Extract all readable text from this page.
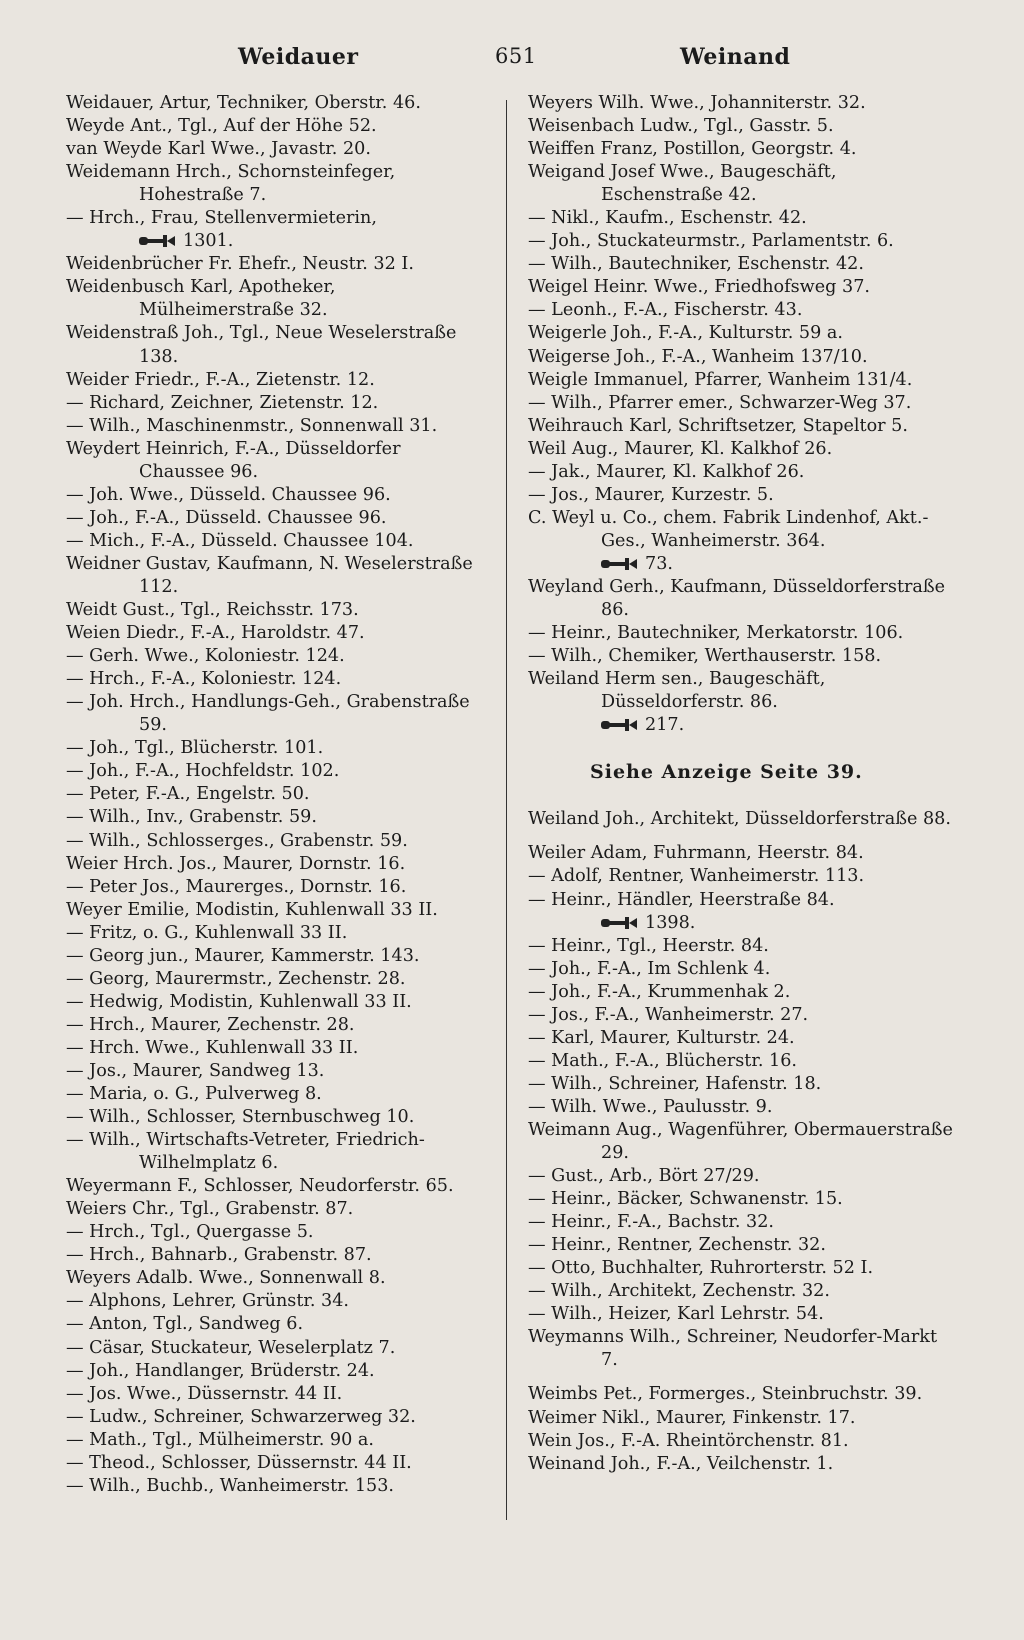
Weidauer	651	Weinand

Weidauer, Artur, Techniker, Oberstr. 46.

Weyde Ant., Tgl., Auf der Höhe 52.

van Weyde Karl Wwe., Javastr. 20.

Weidemann Hrch., Schornsteinfeger, Hohestraße 7.

— Hrch., Frau, Stellenvermieterin,

1301.

Weidenbrücher Fr. Ehefr., Neustr. 32 I.

Weidenbusch Karl, Apotheker, Mülheimerstraße 32.

Weidenstraß Joh., Tgl., Neue Weselerstraße 138.

Weider Friedr., F.-A., Zietenstr. 12.

— Richard, Zeichner, Zietenstr. 12.

— Wilh., Maschinenmstr., Sonnenwall 31.

Weydert Heinrich, F.-A., Düsseldorfer Chaussee 96.

— Joh. Wwe., Düsseld. Chaussee 96.

— Joh., F.-A., Düsseld. Chaussee 96.

— Mich., F.-A., Düsseld. Chaussee 104.

Weidner Gustav, Kaufmann, N. Weselerstraße 112.

Weidt Gust., Tgl., Reichsstr. 173.

Weien Diedr., F.-A., Haroldstr. 47.

— Gerh. Wwe., Koloniestr. 124.

— Hrch., F.-A., Koloniestr. 124.

— Joh. Hrch., Handlungs-Geh., Grabenstraße 59.

— Joh., Tgl., Blücherstr. 101.

— Joh., F.-A., Hochfeldstr. 102.

— Peter, F.-A., Engelstr. 50.

— Wilh., Inv., Grabenstr. 59.

— Wilh., Schlosserges., Grabenstr. 59.

Weier Hrch. Jos., Maurer, Dornstr. 16.

— Peter Jos., Maurerges., Dornstr. 16.

Weyer Emilie, Modistin, Kuhlenwall 33 II.

— Fritz, o. G., Kuhlenwall 33 II.

— Georg jun., Maurer, Kammerstr. 143.

— Georg, Maurermstr., Zechenstr. 28.

— Hedwig, Modistin, Kuhlenwall 33 II.

— Hrch., Maurer, Zechenstr. 28.

— Hrch. Wwe., Kuhlenwall 33 II.

— Jos., Maurer, Sandweg 13.

— Maria, o. G., Pulverweg 8.

— Wilh., Schlosser, Sternbuschweg 10.

— Wilh., Wirtschafts-Vetreter, Friedrich-Wilhelmplatz 6.

Weyermann F., Schlosser, Neudorferstr. 65.

Weiers Chr., Tgl., Grabenstr. 87.

— Hrch., Tgl., Quergasse 5.

— Hrch., Bahnarb., Grabenstr. 87.

Weyers Adalb. Wwe., Sonnenwall 8.

— Alphons, Lehrer, Grünstr. 34.

— Anton, Tgl., Sandweg 6.

— Cäsar, Stuckateur, Weselerplatz 7.

— Joh., Handlanger, Brüderstr. 24.

— Jos. Wwe., Düssernstr. 44 II.

— Ludw., Schreiner, Schwarzerweg 32.

— Math., Tgl., Mülheimerstr. 90 a.

— Theod., Schlosser, Düssernstr. 44 II.

— Wilh., Buchb., Wanheimerstr. 153.

Weyers Wilh. Wwe., Johanniterstr. 32.

Weisenbach Ludw., Tgl., Gasstr. 5.

Weiffen Franz, Postillon, Georgstr. 4.

Weigand Josef Wwe., Baugeschäft, Eschenstraße 42.

— Nikl., Kaufm., Eschenstr. 42.

— Joh., Stuckateurmstr., Parlamentstr. 6.

— Wilh., Bautechniker, Eschenstr. 42.

Weigel Heinr. Wwe., Friedhofsweg 37.

— Leonh., F.-A., Fischerstr. 43.

Weigerle Joh., F.-A., Kulturstr. 59 a.

Weigerse Joh., F.-A., Wanheim 137/10.

Weigle Immanuel, Pfarrer, Wanheim 131/4.

— Wilh., Pfarrer emer., Schwarzer-Weg 37.

Weihrauch Karl, Schriftsetzer, Stapeltor 5.

Weil Aug., Maurer, Kl. Kalkhof 26.

— Jak., Maurer, Kl. Kalkhof 26.

— Jos., Maurer, Kurzestr. 5.

C. Weyl u. Co., chem. Fabrik Lindenhof, Akt.-Ges., Wanheimerstr. 364.

73.

Weyland Gerh., Kaufmann, Düsseldorferstraße 86.

— Heinr., Bautechniker, Merkatorstr. 106.

— Wilh., Chemiker, Werthauserstr. 158.

Weiland Herm sen., Baugeschäft, Düsseldorferstr. 86.

217.

Siehe Anzeige Seite 39.

Weiland Joh., Architekt, Düsseldorferstraße 88.

Weiler Adam, Fuhrmann, Heerstr. 84.

— Adolf, Rentner, Wanheimerstr. 113.

— Heinr., Händler, Heerstraße 84.

1398.

— Heinr., Tgl., Heerstr. 84.

— Joh., F.-A., Im Schlenk 4.

— Joh., F.-A., Krummenhak 2.

— Jos., F.-A., Wanheimerstr. 27.

— Karl, Maurer, Kulturstr. 24.

— Math., F.-A., Blücherstr. 16.

— Wilh., Schreiner, Hafenstr. 18.

— Wilh. Wwe., Paulusstr. 9.

Weimann Aug., Wagenführer, Obermauerstraße 29.

— Gust., Arb., Bört 27/29.

— Heinr., Bäcker, Schwanenstr. 15.

— Heinr., F.-A., Bachstr. 32.

— Heinr., Rentner, Zechenstr. 32.

— Otto, Buchhalter, Ruhrorterstr. 52 I.

— Wilh., Architekt, Zechenstr. 32.

— Wilh., Heizer, Karl Lehrstr. 54.

Weymanns Wilh., Schreiner, Neudorfer-Markt 7.

Weimbs Pet., Formerges., Steinbruchstr. 39.

Weimer Nikl., Maurer, Finkenstr. 17.

Wein Jos., F.-A. Rheintörchenstr. 81.

Weinand Joh., F.-A., Veilchenstr. 1.
